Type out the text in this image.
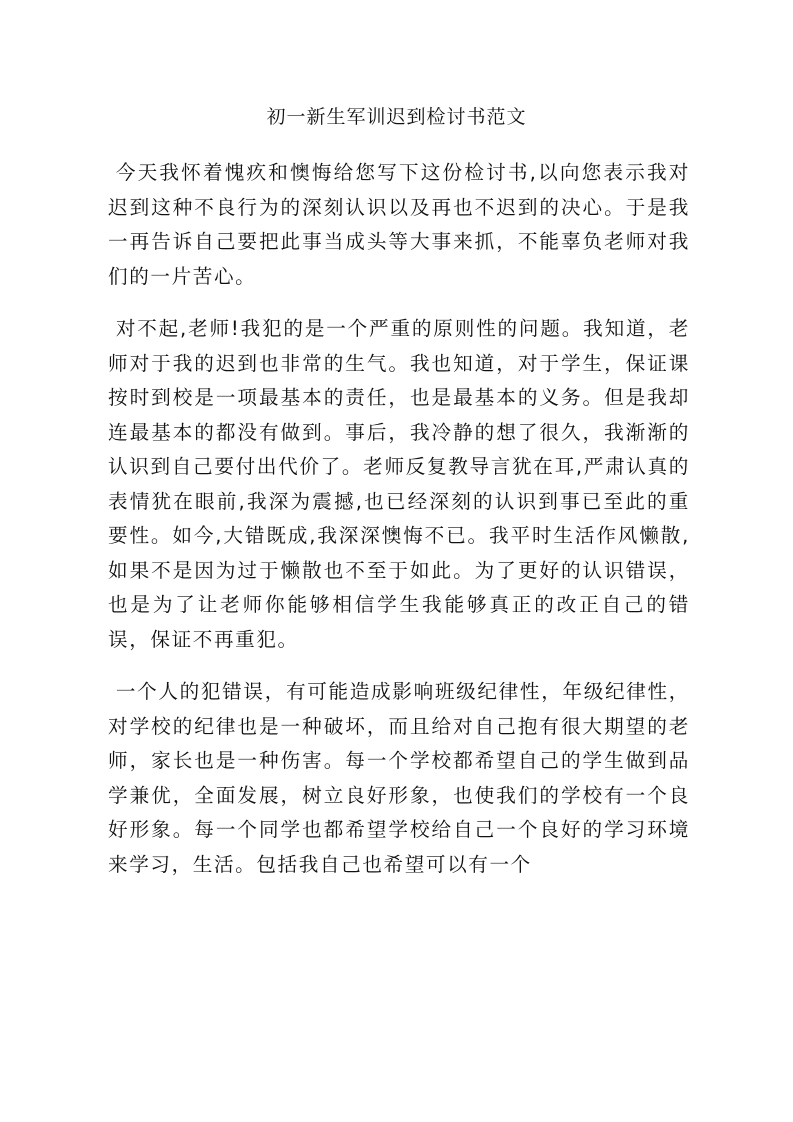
初一新生军训迟到检讨书范文

今天我怀着愧疚和懊悔给您写下这份检讨书,以向您表示我对迟到这种不良行为的深刻认识以及再也不迟到的决心。于是我一再告诉自己要把此事当成头等大事来抓，不能辜负老师对我们的一片苦心。

对不起,老师!我犯的是一个严重的原则性的问题。我知道，老师对于我的迟到也非常的生气。我也知道，对于学生，保证课按时到校是一项最基本的责任，也是最基本的义务。但是我却连最基本的都没有做到。事后，我冷静的想了很久，我渐渐的认识到自己要付出代价了。老师反复教导言犹在耳,严肃认真的表情犹在眼前,我深为震撼,也已经深刻的认识到事已至此的重要性。如今,大错既成,我深深懊悔不已。我平时生活作风懒散,如果不是因为过于懒散也不至于如此。为了更好的认识错误，也是为了让老师你能够相信学生我能够真正的改正自己的错误，保证不再重犯。

一个人的犯错误，有可能造成影响班级纪律性，年级纪律性，对学校的纪律也是一种破坏，而且给对自己抱有很大期望的老师，家长也是一种伤害。每一个学校都希望自己的学生做到品学兼优，全面发展，树立良好形象，也使我们的学校有一个良好形象。每一个同学也都希望学校给自己一个良好的学习环境来学习，生活。包括我自己也希望可以有一个
